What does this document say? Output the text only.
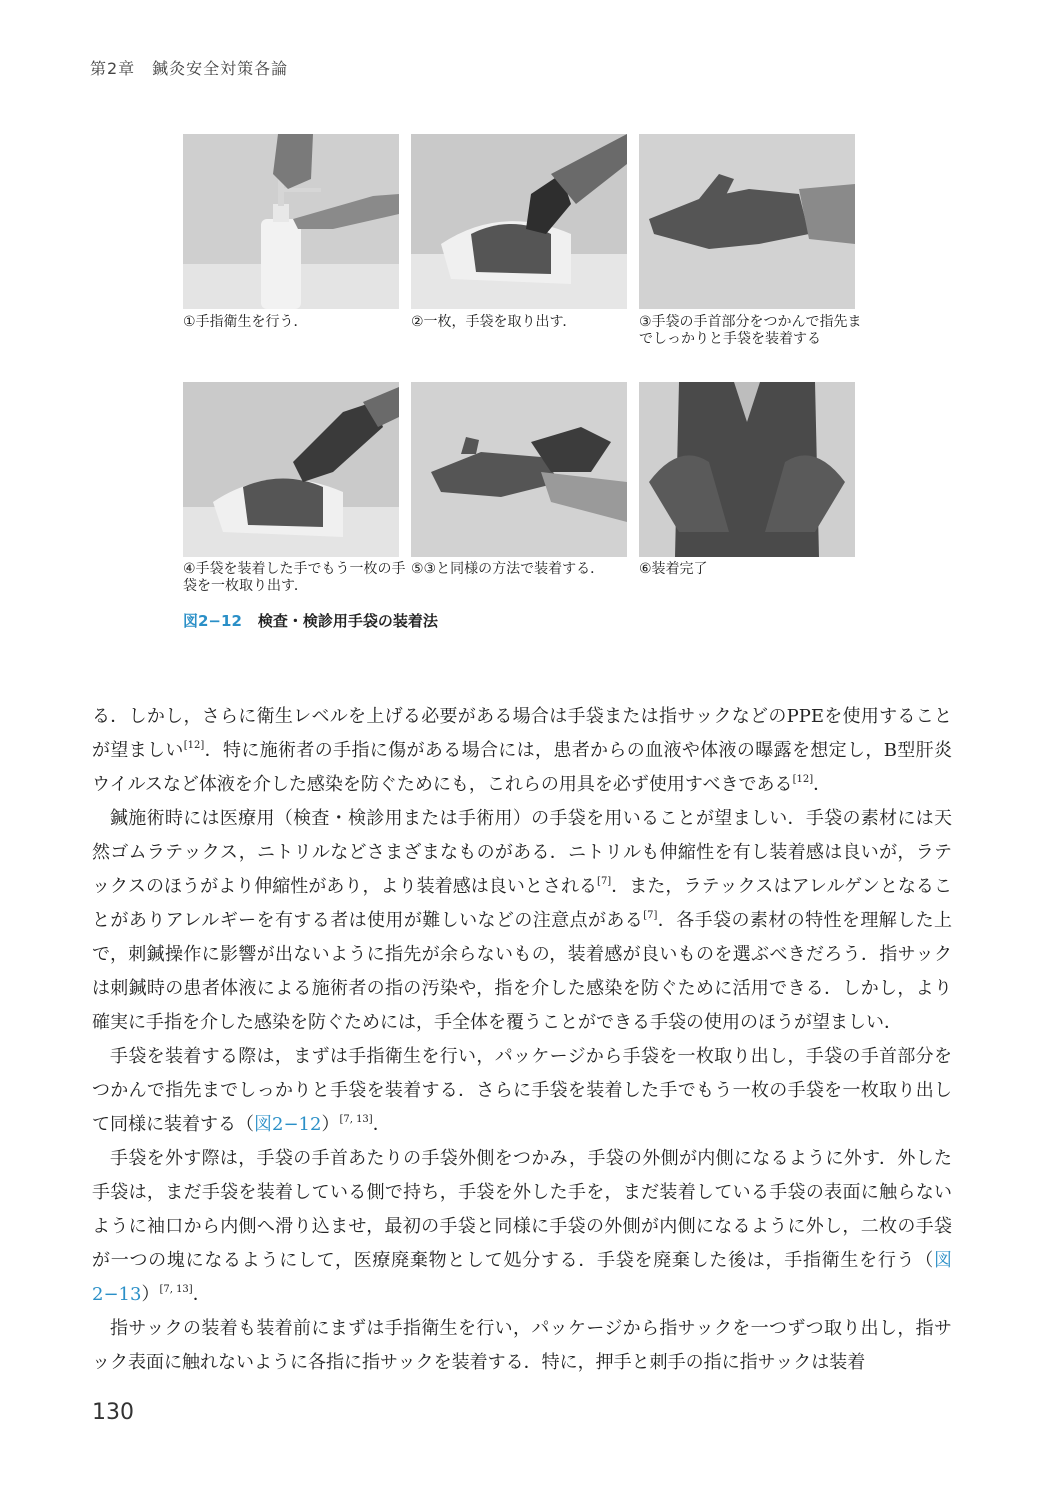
第2章　鍼灸安全対策各論
①手指衛生を行う．	②一枚，手袋を取り出す．	③手袋の手首部分をつかんで指先までしっかりと手袋を装着する
④手袋を装着した手でもう一枚の手袋を一枚取り出す．
⑤③と同様の方法で装着する．	⑥装着完了
図2−12 検査・検診用手袋の装着法

る．しかし，さらに衛生レベルを上げる必要がある場合は手袋または指サックなどのPPEを使用することが望ましい[12]．特に施術者の手指に傷がある場合には，患者からの血液や体液の曝露を想定し，B型肝炎ウイルスなど体液を介した感染を防ぐためにも，これらの用具を必ず使用すべきである[12]．

鍼施術時には医療用（検査・検診用または手術用）の手袋を用いることが望ましい．手袋の素材には天然ゴムラテックス，ニトリルなどさまざまなものがある．ニトリルも伸縮性を有し装着感は良いが，ラテックスのほうがより伸縮性があり，より装着感は良いとされる[7]．また，ラテックスはアレルゲンとなることがありアレルギーを有する者は使用が難しいなどの注意点がある[7]．各手袋の素材の特性を理解した上で，刺鍼操作に影響が出ないように指先が余らないもの，装着感が良いものを選ぶべきだろう．指サックは刺鍼時の患者体液による施術者の指の汚染や，指を介した感染を防ぐために活用できる．しかし，より確実に手指を介した感染を防ぐためには，手全体を覆うことができる手袋の使用のほうが望ましい．

手袋を装着する際は，まずは手指衛生を行い，パッケージから手袋を一枚取り出し，手袋の手首部分をつかんで指先までしっかりと手袋を装着する．さらに手袋を装着した手でもう一枚の手袋を一枚取り出して同様に装着する（図2−12）[7, 13]．

手袋を外す際は，手袋の手首あたりの手袋外側をつかみ，手袋の外側が内側になるように外す．外した手袋は，まだ手袋を装着している側で持ち，手袋を外した手を，まだ装着している手袋の表面に触らないように袖口から内側へ滑り込ませ，最初の手袋と同様に手袋の外側が内側になるように外し，二枚の手袋が一つの塊になるようにして，医療廃棄物として処分する．手袋を廃棄した後は，手指衛生を行う（図2−13）[7, 13]．

指サックの装着も装着前にまずは手指衛生を行い，パッケージから指サックを一つずつ取り出し，指サック表面に触れないように各指に指サックを装着する．特に，押手と刺手の指に指サックは装着

130
